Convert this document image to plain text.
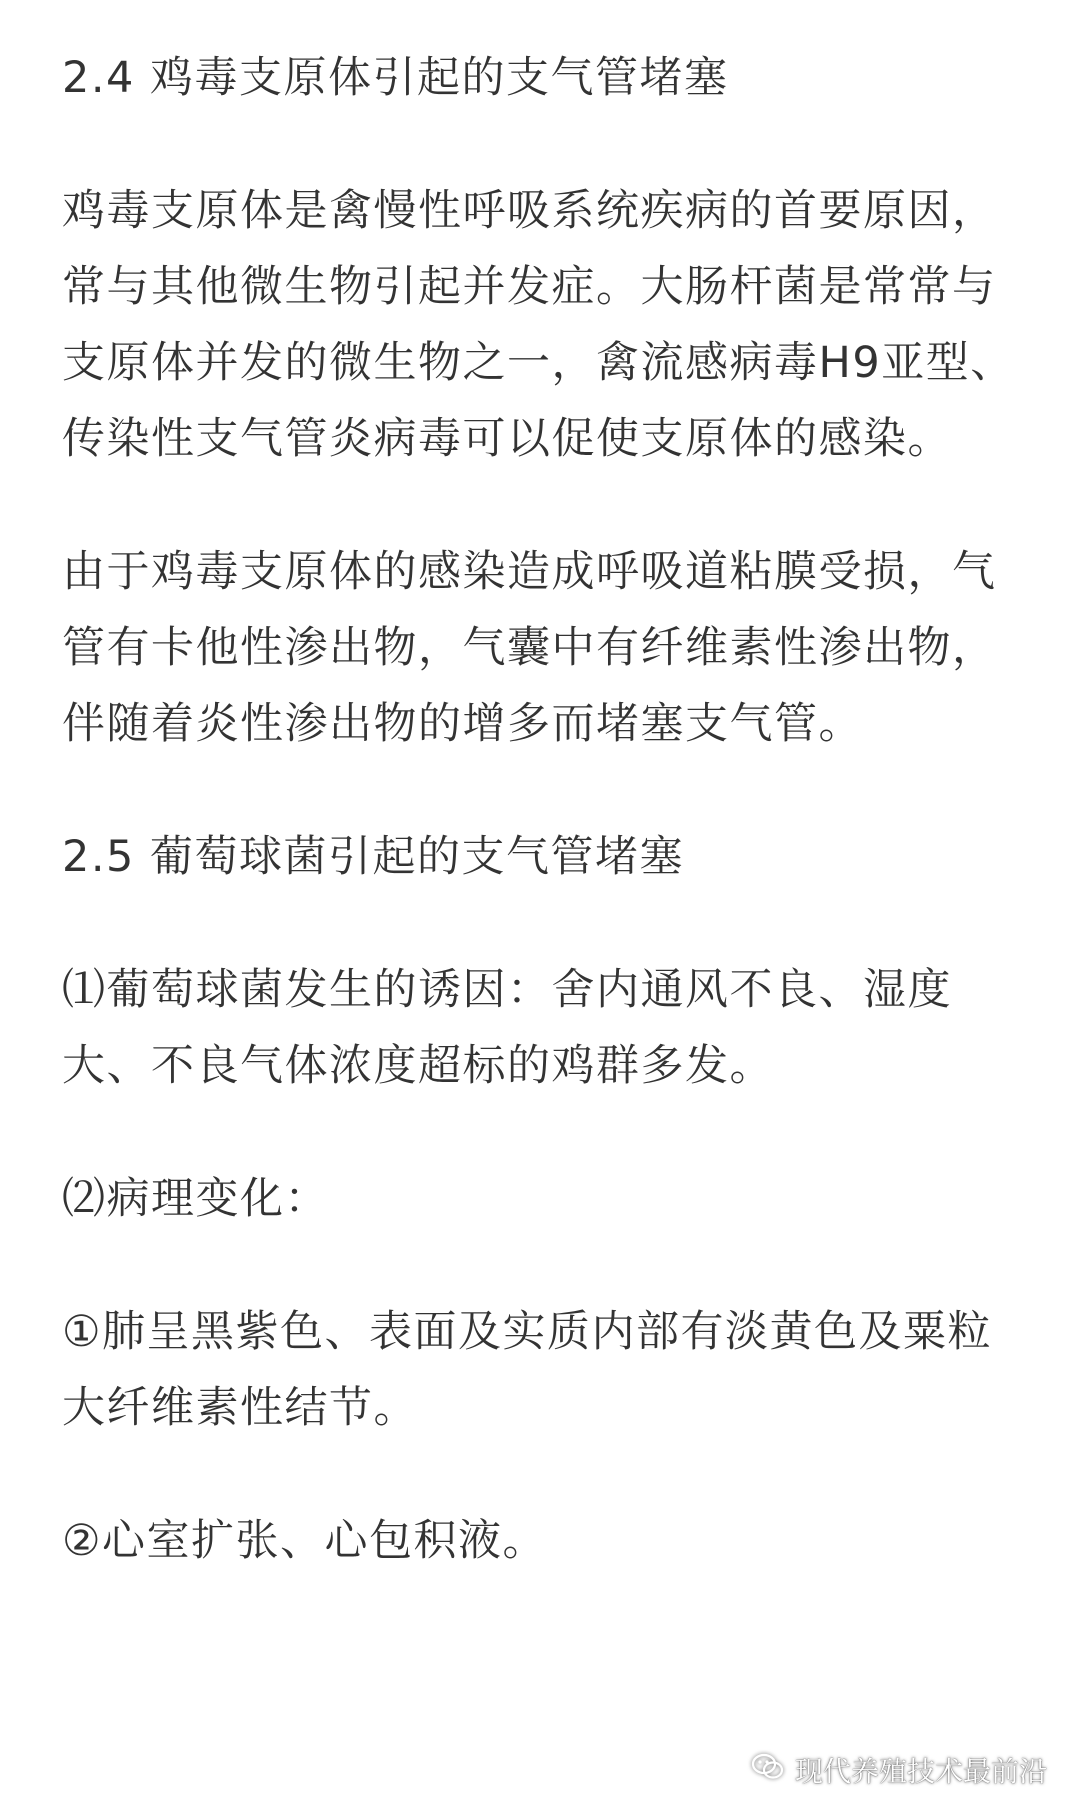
2.4 鸡毒支原体引起的支气管堵塞
鸡毒支原体是禽慢性呼吸系统疾病的首要原因，常与其他微生物引起并发症。大肠杆菌是常常与支原体并发的微生物之一，禽流感病毒H9亚型、传染性支气管炎病毒可以促使支原体的感染。
由于鸡毒支原体的感染造成呼吸道粘膜受损，气管有卡他性渗出物，气囊中有纤维素性渗出物，伴随着炎性渗出物的增多而堵塞支气管。
2.5 葡萄球菌引起的支气管堵塞
⑴葡萄球菌发生的诱因：舍内通风不良、湿度大、不良气体浓度超标的鸡群多发。
⑵病理变化：
①肺呈黑紫色、表面及实质内部有淡黄色及粟粒大纤维素性结节。
②心室扩张、心包积液。
现代养殖技术最前沿
